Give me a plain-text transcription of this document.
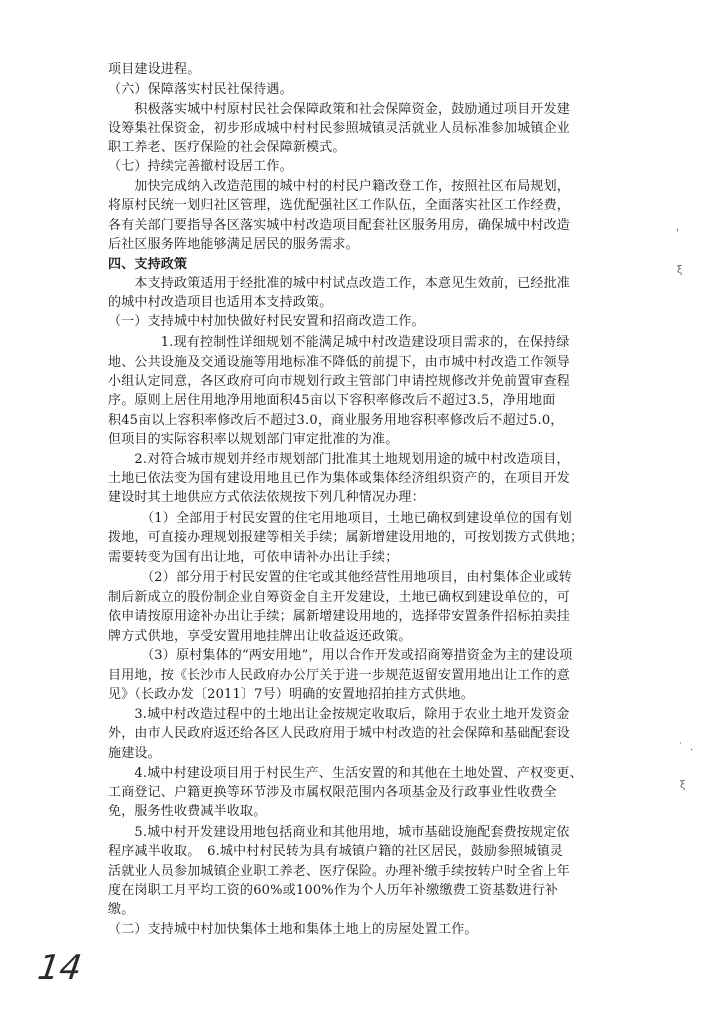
项目建设进程。
（六）保障落实村民社保待遇。
　　积极落实城中村原村民社会保障政策和社会保障资金，鼓励通过项目开发建
设筹集社保资金，初步形成城中村村民参照城镇灵活就业人员标准参加城镇企业
职工养老、医疗保险的社会保障新模式。
（七）持续完善撤村设居工作。
　　加快完成纳入改造范围的城中村的村民户籍改登工作，按照社区布局规划，
将原村民统一划归社区管理，选优配强社区工作队伍，全面落实社区工作经费，
各有关部门要指导各区落实城中村改造项目配套社区服务用房，确保城中村改造
后社区服务阵地能够满足居民的服务需求。
四、支持政策
　　本支持政策适用于经批准的城中村试点改造工作，本意见生效前，已经批准
的城中村改造项目也适用本支持政策。
（一）支持城中村加快做好村民安置和招商改造工作。
　　　　1.现有控制性详细规划不能满足城中村改造建设项目需求的，在保持绿
地、公共设施及交通设施等用地标准不降低的前提下，由市城中村改造工作领导
小组认定同意，各区政府可向市规划行政主管部门申请控规修改并免前置审查程
序。原则上居住用地净用地面积45亩以下容积率修改后不超过3.5，净用地面
积45亩以上容积率修改后不超过3.0，商业服务用地容积率修改后不超过5.0，
但项目的实际容积率以规划部门审定批准的为准。
　　2.对符合城市规划并经市规划部门批准其土地规划用途的城中村改造项目，
土地已依法变为国有建设用地且已作为集体或集体经济组织资产的，在项目开发
建设时其土地供应方式依法依规按下列几种情况办理：
　　　（1）全部用于村民安置的住宅用地项目，土地已确权到建设单位的国有划
拨地，可直接办理规划报建等相关手续；属新增建设用地的，可按划拨方式供地；
需要转变为国有出让地，可依申请补办出让手续；
　　　（2）部分用于村民安置的住宅或其他经营性用地项目，由村集体企业或转
制后新成立的股份制企业自筹资金自主开发建设，土地已确权到建设单位的，可
依申请按原用途补办出让手续；属新增建设用地的，选择带安置条件招标拍卖挂
牌方式供地，享受安置用地挂牌出让收益返还政策。
　　　（3）原村集体的“两安用地”，用以合作开发或招商筹措资金为主的建设项
目用地，按《长沙市人民政府办公厅关于进一步规范返留安置用地出让工作的意
见》（长政办发〔2011〕7号）明确的安置地招拍挂方式供地。
　　3.城中村改造过程中的土地出让金按规定收取后，除用于农业土地开发资金
外，由市人民政府返还给各区人民政府用于城中村改造的社会保障和基础配套设
施建设。
　　4.城中村建设项目用于村民生产、生活安置的和其他在土地处置、产权变更、
工商登记、户籍更换等环节涉及市属权限范围内各项基金及行政事业性收费全
免，服务性收费减半收取。
　　5.城中村开发建设用地包括商业和其他用地，城市基础设施配套费按规定依
程序减半收取。　6.城中村村民转为具有城镇户籍的社区居民，鼓励参照城镇灵
活就业人员参加城镇企业职工养老、医疗保险。办理补缴手续按转户时全省上年
度在岗职工月平均工资的60%或100%作为个人历年补缴缴费工资基数进行补
缴。
（二）支持城中村加快集体土地和集体土地上的房屋处置工作。
14
'
ξ
˙ ·
ξ
